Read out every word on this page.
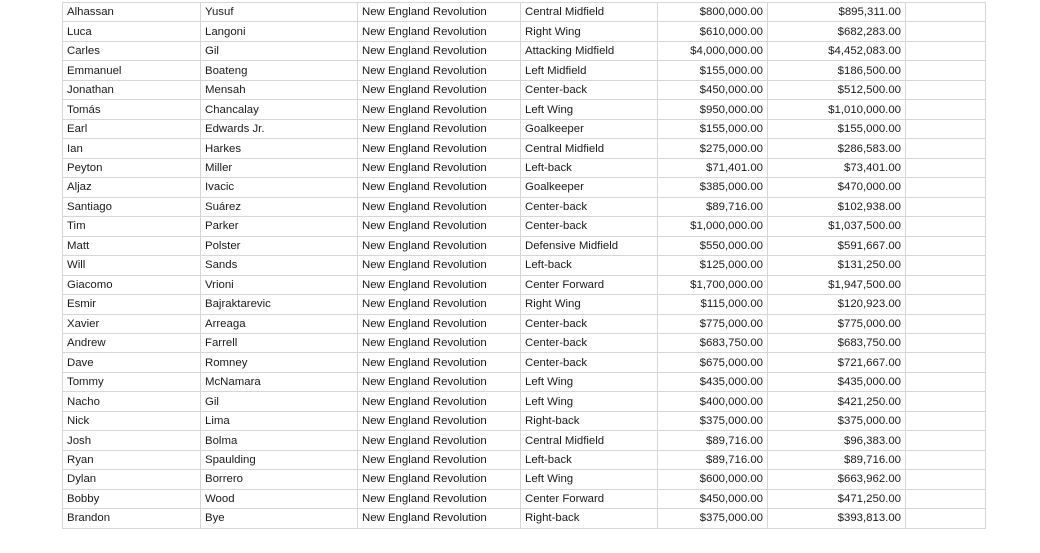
Alhassan	Yusuf	New England Revolution	Central Midfield	$800,000.00	$895,311.00	
Luca	Langoni	New England Revolution	Right Wing	$610,000.00	$682,283.00	
Carles	Gil	New England Revolution	Attacking Midfield	$4,000,000.00	$4,452,083.00	
Emmanuel	Boateng	New England Revolution	Left Midfield	$155,000.00	$186,500.00	
Jonathan	Mensah	New England Revolution	Center-back	$450,000.00	$512,500.00	
Tomás	Chancalay	New England Revolution	Left Wing	$950,000.00	$1,010,000.00	
Earl	Edwards Jr.	New England Revolution	Goalkeeper	$155,000.00	$155,000.00	
Ian	Harkes	New England Revolution	Central Midfield	$275,000.00	$286,583.00	
Peyton	Miller	New England Revolution	Left-back	$71,401.00	$73,401.00	
Aljaz	Ivacic	New England Revolution	Goalkeeper	$385,000.00	$470,000.00	
Santiago	Suárez	New England Revolution	Center-back	$89,716.00	$102,938.00	
Tim	Parker	New England Revolution	Center-back	$1,000,000.00	$1,037,500.00	
Matt	Polster	New England Revolution	Defensive Midfield	$550,000.00	$591,667.00	
Will	Sands	New England Revolution	Left-back	$125,000.00	$131,250.00	
Giacomo	Vrioni	New England Revolution	Center Forward	$1,700,000.00	$1,947,500.00	
Esmir	Bajraktarevic	New England Revolution	Right Wing	$115,000.00	$120,923.00	
Xavier	Arreaga	New England Revolution	Center-back	$775,000.00	$775,000.00	
Andrew	Farrell	New England Revolution	Center-back	$683,750.00	$683,750.00	
Dave	Romney	New England Revolution	Center-back	$675,000.00	$721,667.00	
Tommy	McNamara	New England Revolution	Left Wing	$435,000.00	$435,000.00	
Nacho	Gil	New England Revolution	Left Wing	$400,000.00	$421,250.00	
Nick	Lima	New England Revolution	Right-back	$375,000.00	$375,000.00	
Josh	Bolma	New England Revolution	Central Midfield	$89,716.00	$96,383.00	
Ryan	Spaulding	New England Revolution	Left-back	$89,716.00	$89,716.00	
Dylan	Borrero	New England Revolution	Left Wing	$600,000.00	$663,962.00	
Bobby	Wood	New England Revolution	Center Forward	$450,000.00	$471,250.00	
Brandon	Bye	New England Revolution	Right-back	$375,000.00	$393,813.00	
